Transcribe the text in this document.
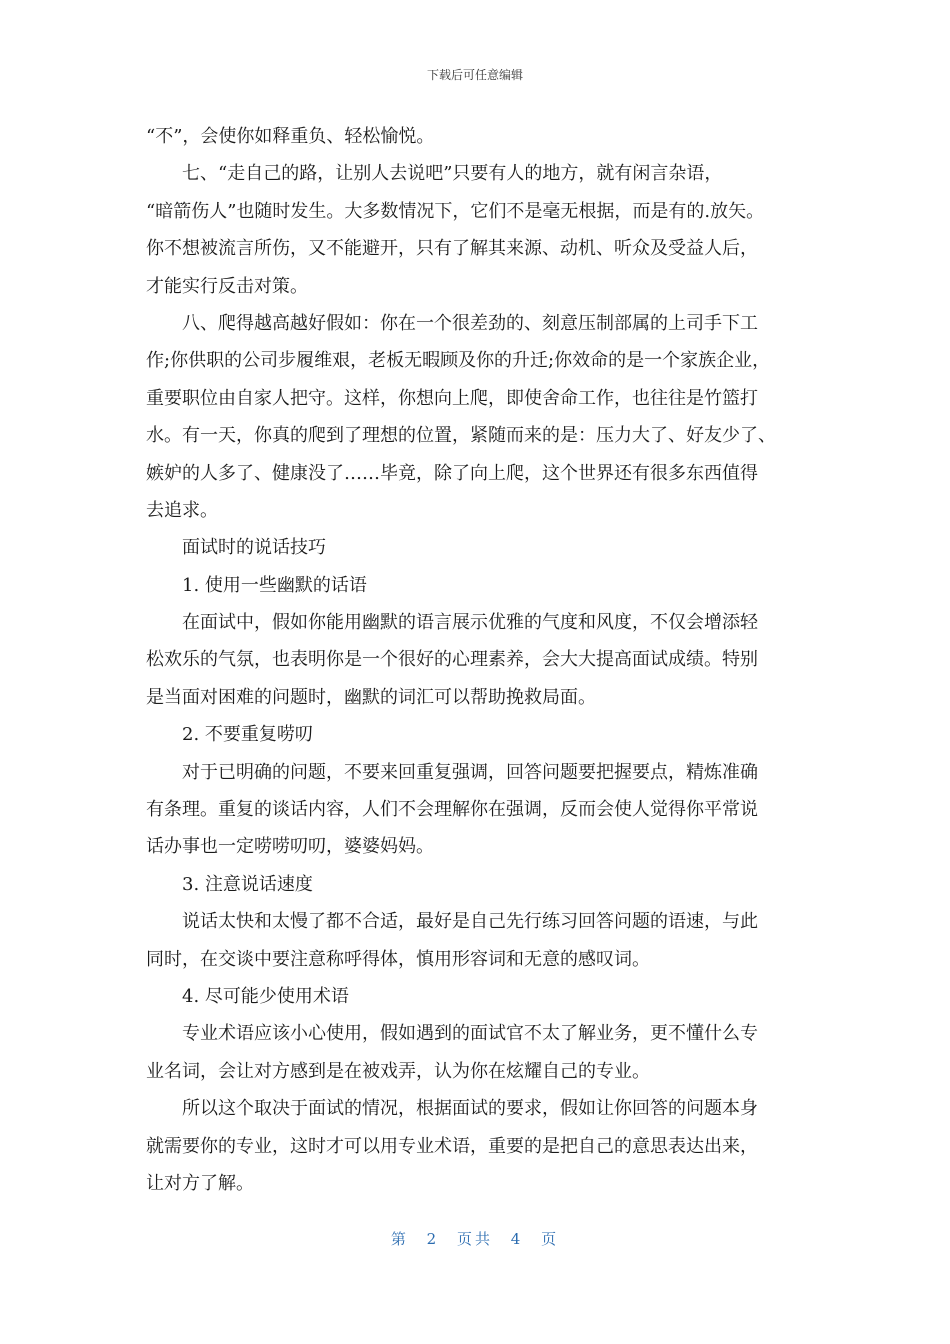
下载后可任意编辑
“不”，会使你如释重负、轻松愉悦。
七、“走自己的路，让别人去说吧”只要有人的地方，就有闲言杂语，
“暗箭伤人”也随时发生。大多数情况下，它们不是毫无根据，而是有的.放矢。
你不想被流言所伤，又不能避开，只有了解其来源、动机、听众及受益人后，
才能实行反击对策。
八、爬得越高越好假如：你在一个很差劲的、刻意压制部属的上司手下工
作;你供职的公司步履维艰，老板无暇顾及你的升迁;你效命的是一个家族企业，
重要职位由自家人把守。这样，你想向上爬，即使舍命工作，也往往是竹篮打
水。有一天，你真的爬到了理想的位置，紧随而来的是：压力大了、好友少了、
嫉妒的人多了、健康没了……毕竟，除了向上爬，这个世界还有很多东西值得
去追求。
面试时的说话技巧
1. 使用一些幽默的话语
在面试中，假如你能用幽默的语言展示优雅的气度和风度，不仅会增添轻
松欢乐的气氛，也表明你是一个很好的心理素养，会大大提高面试成绩。特别
是当面对困难的问题时，幽默的词汇可以帮助挽救局面。
2. 不要重复唠叨
对于已明确的问题，不要来回重复强调，回答问题要把握要点，精炼准确
有条理。重复的谈话内容，人们不会理解你在强调，反而会使人觉得你平常说
话办事也一定唠唠叨叨，婆婆妈妈。
3. 注意说话速度
说话太快和太慢了都不合适，最好是自己先行练习回答问题的语速，与此
同时，在交谈中要注意称呼得体，慎用形容词和无意的感叹词。
4. 尽可能少使用术语
专业术语应该小心使用，假如遇到的面试官不太了解业务，更不懂什么专
业名词，会让对方感到是在被戏弄，认为你在炫耀自己的专业。
所以这个取决于面试的情况，根据面试的要求，假如让你回答的问题本身
就需要你的专业，这时才可以用专业术语，重要的是把自己的意思表达出来，
让对方了解。
第 2 页共 4 页
